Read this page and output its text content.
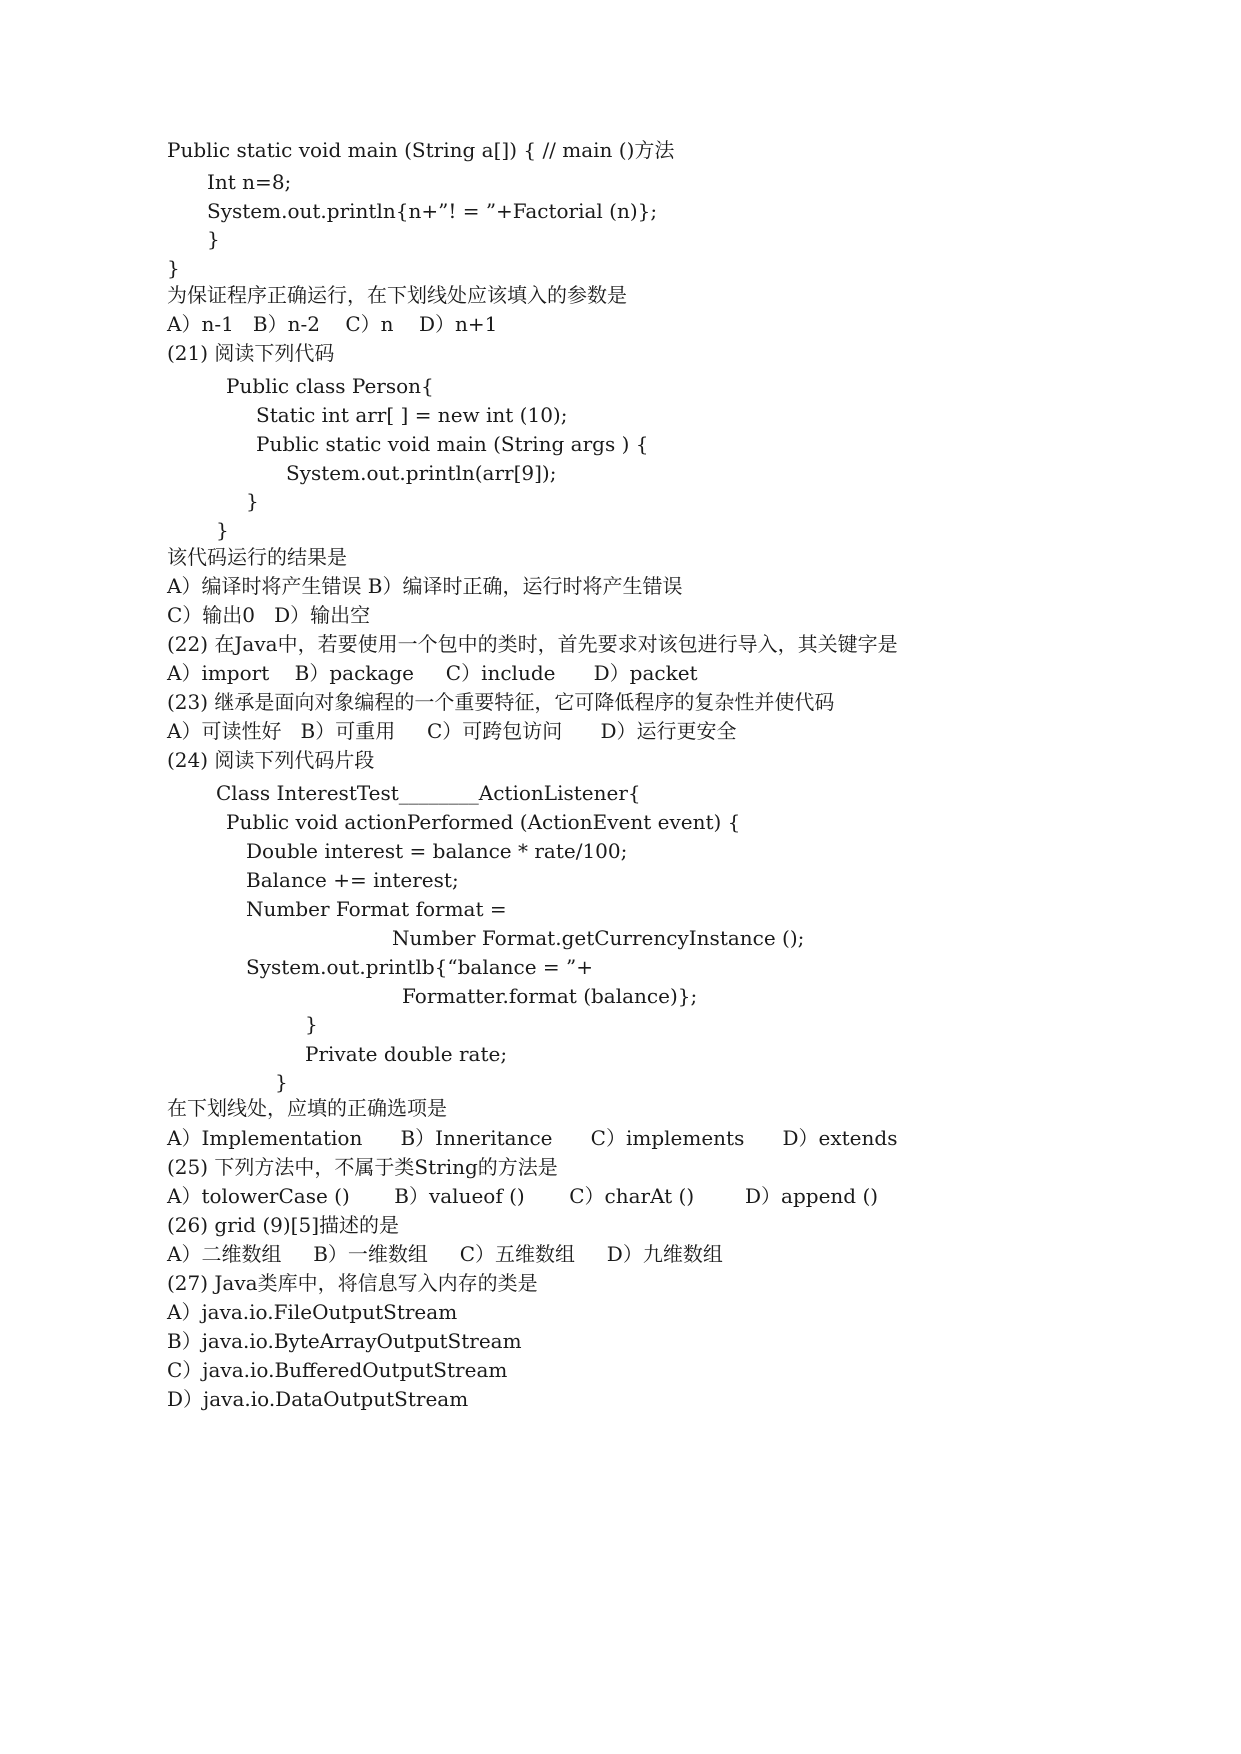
Public static void main (String a[]) { // main ()方法
Int n=8;
System.out.println{n+”! = ”+Factorial (n)};
}
}
为保证程序正确运行，在下划线处应该填入的参数是
A）n-1   B）n-2    C）n    D）n+1
(21) 阅读下列代码
Public class Person{
Static int arr[ ] = new int (10);
Public static void main (String args ) {
System.out.println(arr[9]);
}
}
该代码运行的结果是
A）编译时将产生错误 B）编译时正确，运行时将产生错误
C）输出0   D）输出空
(22) 在Java中，若要使用一个包中的类时，首先要求对该包进行导入，其关键字是
A）import    B）package     C）include      D）packet
(23) 继承是面向对象编程的一个重要特征，它可降低程序的复杂性并使代码
A）可读性好   B）可重用     C）可跨包访问      D）运行更安全
(24) 阅读下列代码片段
Class InterestTest________ActionListener{
Public void actionPerformed (ActionEvent event) {
Double interest = balance * rate/100;
Balance += interest;
Number Format format =
Number Format.getCurrencyInstance ();
System.out.printlb{“balance = ”+
Formatter.format (balance)};
}
Private double rate;
}
在下划线处，应填的正确选项是
A）Implementation      B）Inneritance      C）implements      D）extends
(25) 下列方法中，不属于类String的方法是
A）tolowerCase ()       B）valueof ()       C）charAt ()        D）append ()
(26) grid (9)[5]描述的是
A）二维数组     B）一维数组     C）五维数组     D）九维数组
(27) Java类库中，将信息写入内存的类是
A）java.io.FileOutputStream
B）java.io.ByteArrayOutputStream
C）java.io.BufferedOutputStream
D）java.io.DataOutputStream
